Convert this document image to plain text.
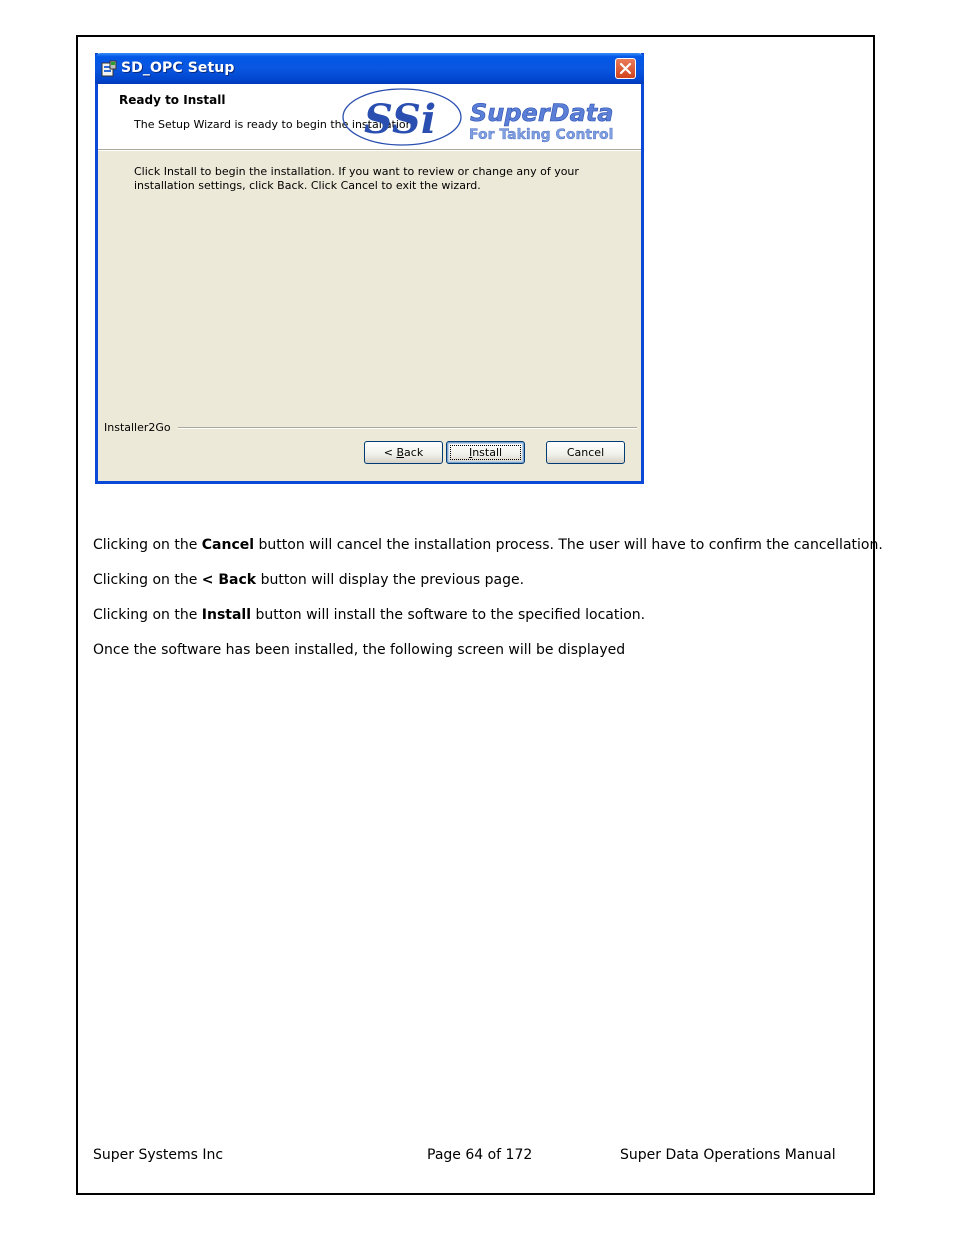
SD_OPC Setup
Ready to Install
The Setup Wizard is ready to begin the installation
SSi SuperData
For Taking Control
Click Install to begin the installation. If you want to review or change any of your
installation settings, click Back. Click Cancel to exit the wizard.
Installer2Go
< Back	Install	Cancel
Clicking on the Cancel button will cancel the installation process. The user will have to confirm the cancellation.
Clicking on the < Back button will display the previous page.
Clicking on the Install button will install the software to the specified location.
Once the software has been installed, the following screen will be displayed
Super Systems Inc	Page 64 of 172	Super Data Operations Manual
